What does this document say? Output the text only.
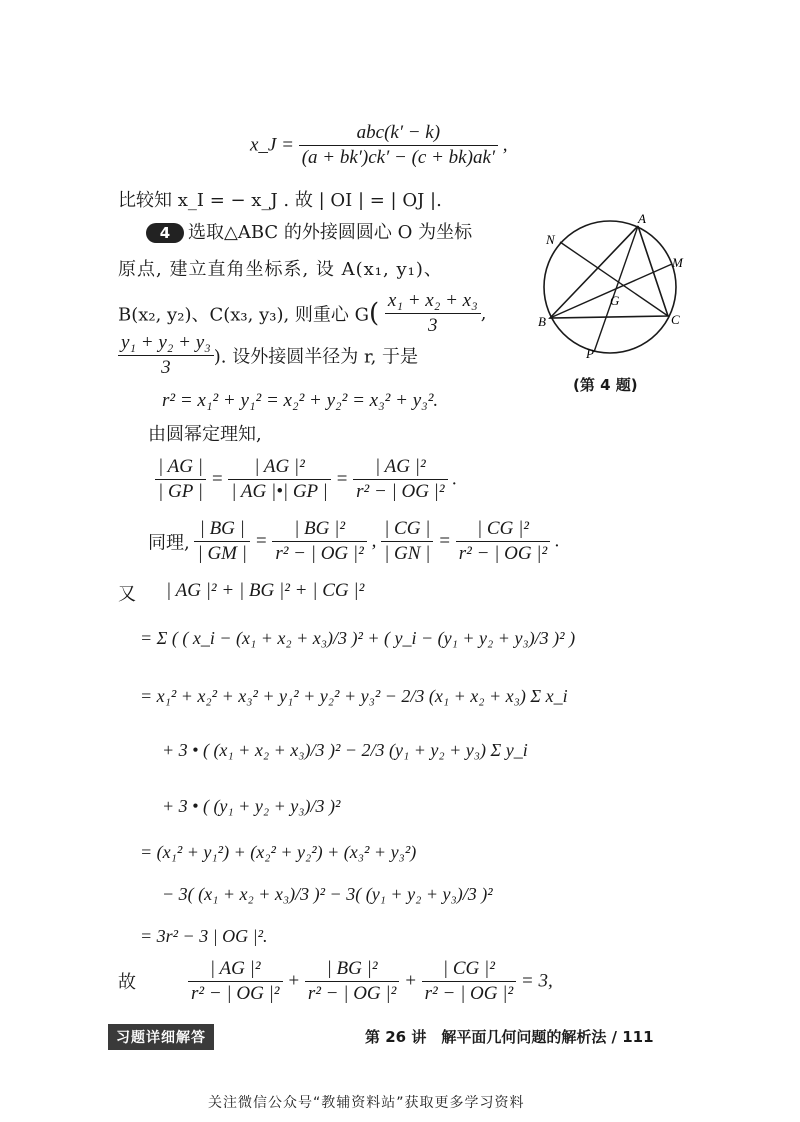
x_J = $\frac{\text{abc(k′ − k)}}{(a + bk')ck' - (c + bk)ak'}$ ,
比较知 x_I = − x_J . 故 | OI | = | OJ |.
4 选取△ABC 的外接圆圆心 O 为坐标
原点, 建立直角坐标系, 设 A(x₁, y₁)、
B(x₂, y₂)、C(x₃, y₃), 则重心 $G( \frac{\text{x₁ + x₂ + x₃}}{3}$ ,
$\frac{\text{y₁ + y₂ + y₃}}{3}$ ). 设外接圆半径为 r, 于是
A
N
M
G
B	C
P
(第 4 题)
r² = x₁² + y₁² = x₂² + y₂² = x₃² + y₃².
由圆幂定理知,
$\frac{| AG |}{| GP |} = \frac{\text{| AG |²}}{| AG |•| GP |} = \frac{\text{| AG |²}}{\text{r² − | OG |²}}$ .
同理, $\frac{| BG |}{| GM |} = \frac{\text{| BG |²}}{\text{r² − | OG |²}}$ , $\frac{| CG |}{| GN |} = \frac{\text{| CG |²}}{\text{r² − | OG |²}}$ .
又 | AG |² + | BG |² + | CG |²
= Σ ( ( x_i − (x₁ + x₂ + x₃)/3 )² + ( y_i − (y₁ + y₂ + y₃)/3 )² )
= x₁² + x₂² + x₃² + y₁² + y₂² + y₃² − 2/3 (x₁ + x₂ + x₃) Σ x_i
+ 3 • ( (x₁ + x₂ + x₃)/3 )² − 2/3 (y₁ + y₂ + y₃) Σ y_i
+ 3 • ( (y₁ + y₂ + y₃)/3 )²
= (x₁² + y₁²) + (x₂² + y₂²) + (x₃² + y₃²)
− 3( (x₁ + x₂ + x₃)/3 )² − 3( (y₁ + y₂ + y₃)/3 )²
= 3r² − 3 | OG |².
故	$\frac{\text{| AG |²}}{\text{r² − | OG |²}} + \frac{\text{| BG |²}}{\text{r² − | OG |²}} + \frac{\text{| CG |²}}{\text{r² − | OG |²}} = 3$,
习题详细解答	第 26 讲　解平面几何问题的解析法 / 111
关注微信公众号“教辅资料站”获取更多学习资料
